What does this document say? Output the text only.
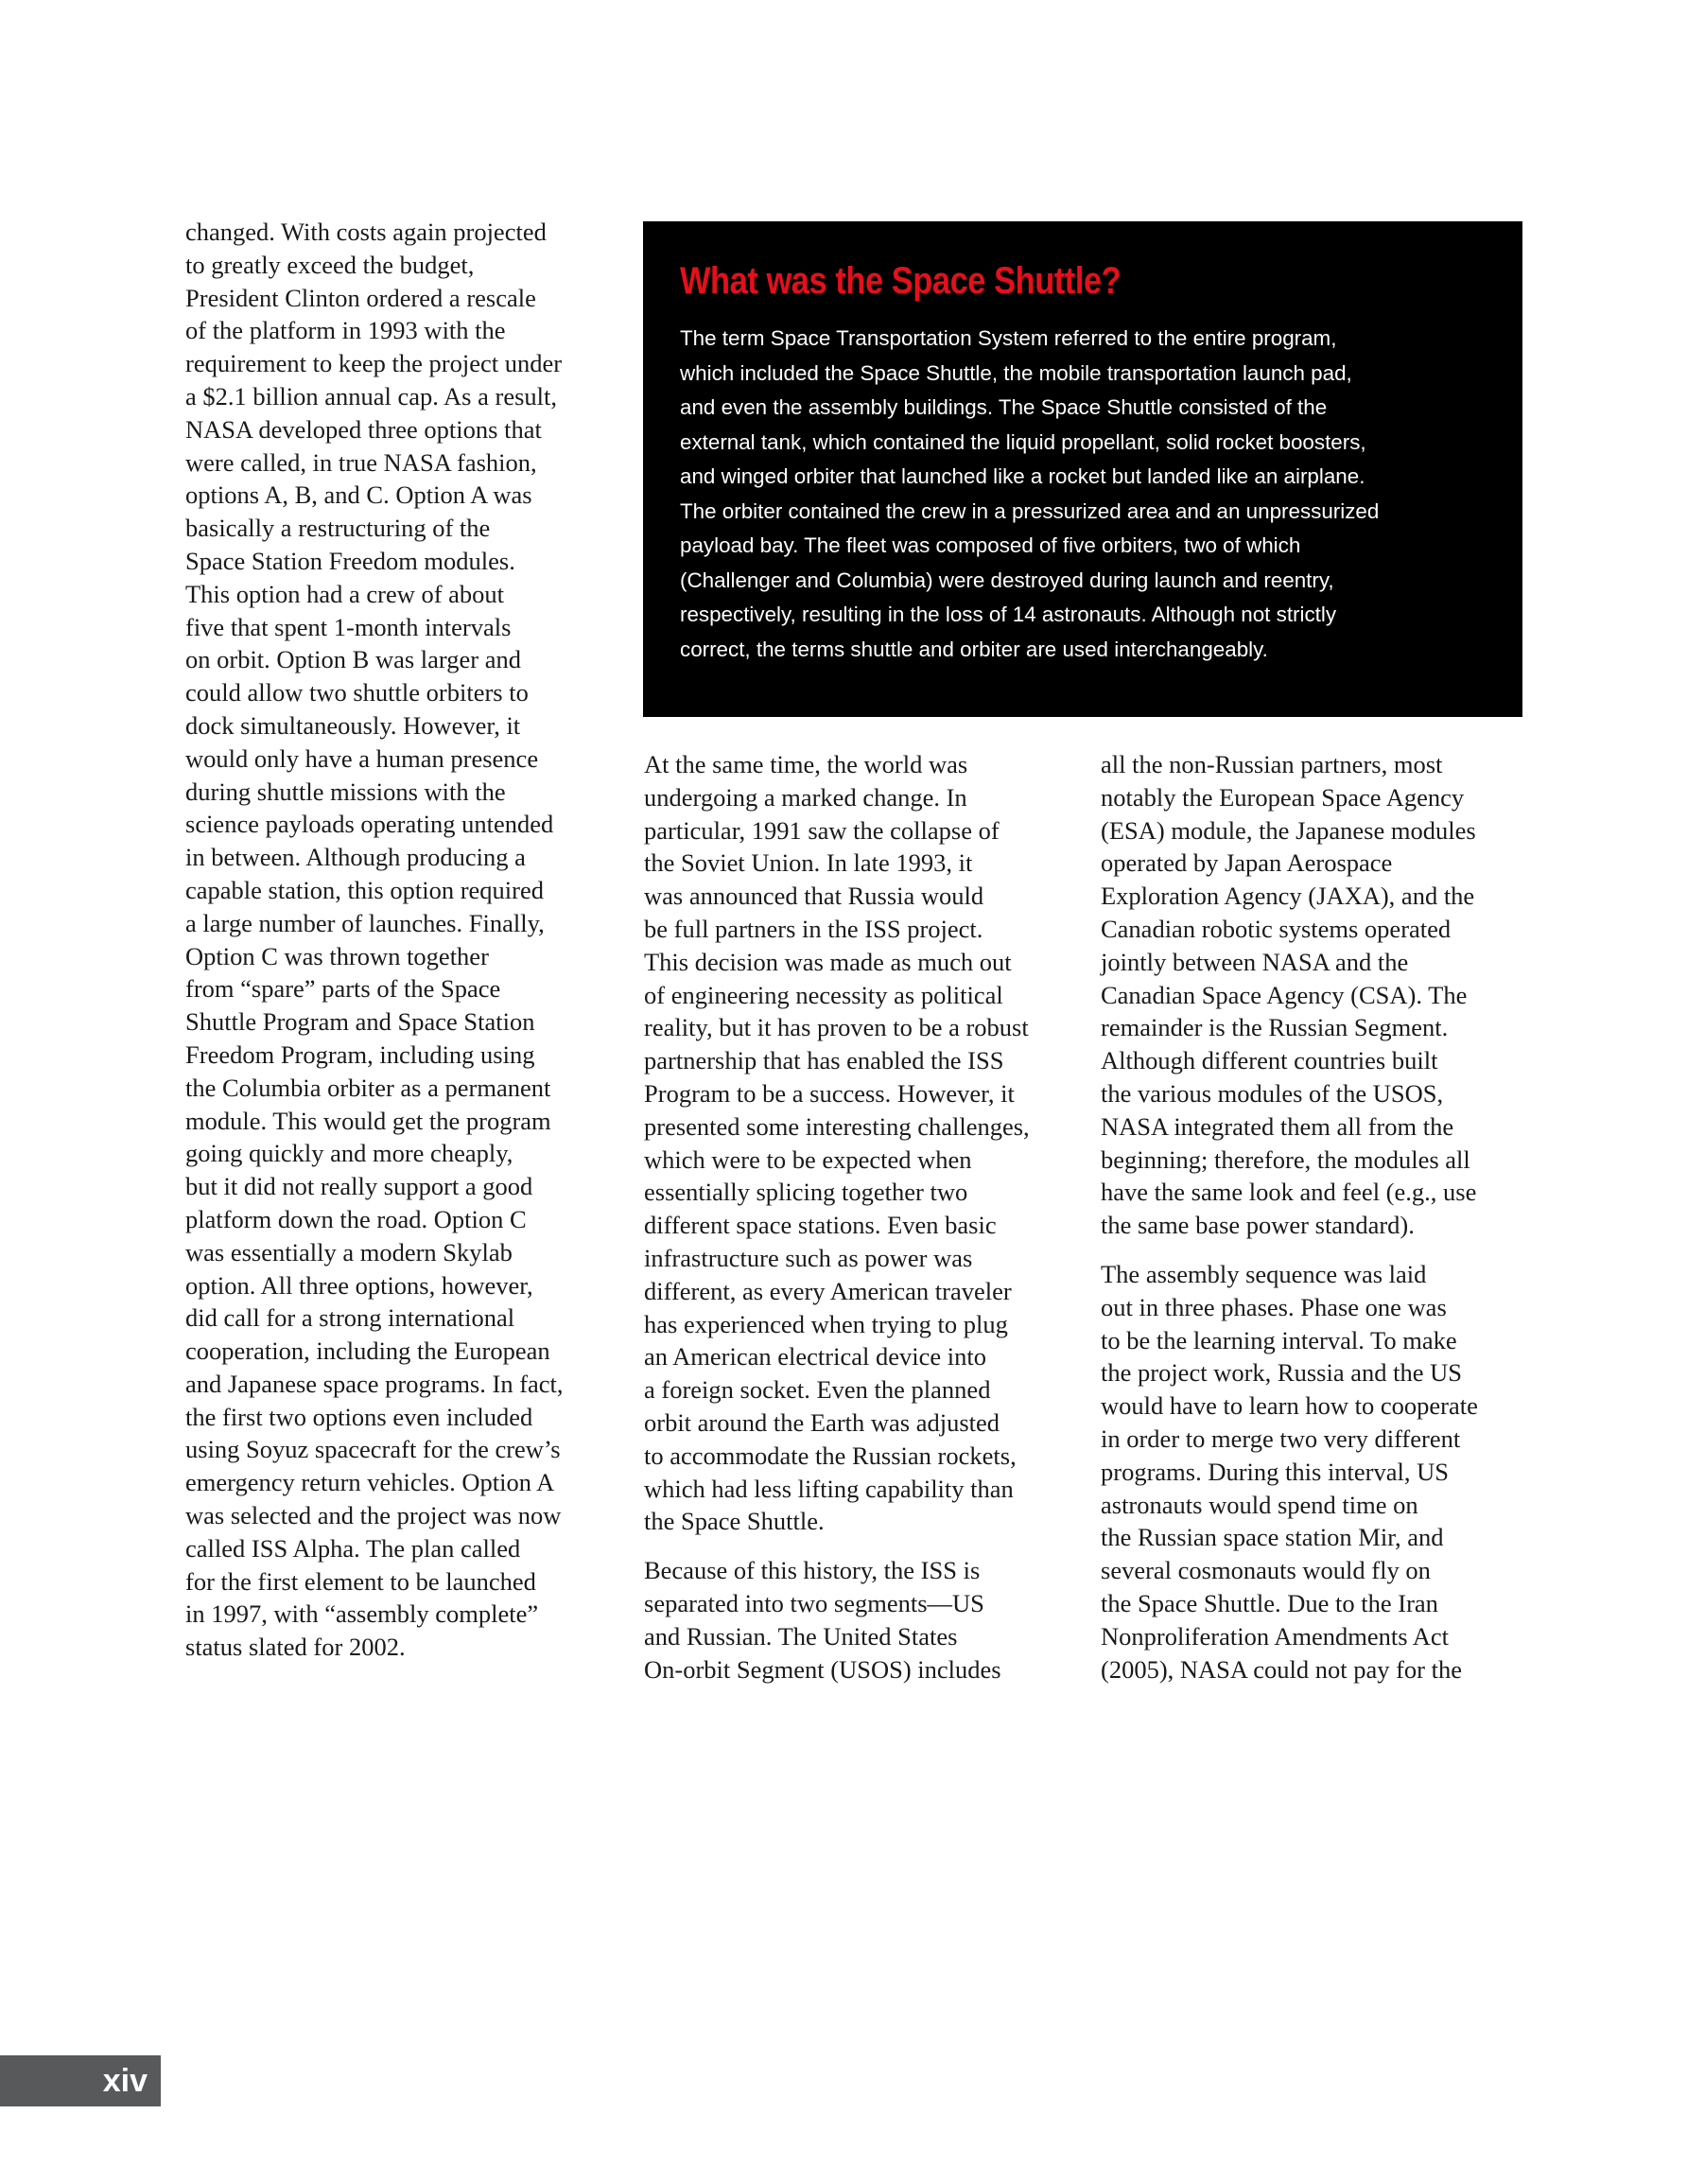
changed. With costs again projected
to greatly exceed the budget,
President Clinton ordered a rescale
of the platform in 1993 with the
requirement to keep the project under
a $2.1 billion annual cap. As a result,
NASA developed three options that
were called, in true NASA fashion,
options A, B, and C. Option A was
basically a restructuring of the
Space Station Freedom modules.
This option had a crew of about
five that spent 1-month intervals
on orbit. Option B was larger and
could allow two shuttle orbiters to
dock simultaneously. However, it
would only have a human presence
during shuttle missions with the
science payloads operating untended
in between. Although producing a
capable station, this option required
a large number of launches. Finally,
Option C was thrown together
from “spare” parts of the Space
Shuttle Program and Space Station
Freedom Program, including using
the Columbia orbiter as a permanent
module. This would get the program
going quickly and more cheaply,
but it did not really support a good
platform down the road. Option C
was essentially a modern Skylab
option. All three options, however,
did call for a strong international
cooperation, including the European
and Japanese space programs. In fact,
the first two options even included
using Soyuz spacecraft for the crew’s
emergency return vehicles. Option A
was selected and the project was now
called ISS Alpha. The plan called
for the first element to be launched
in 1997, with “assembly complete”
status slated for 2002.
What was the Space Shuttle?
The term Space Transportation System referred to the entire program,
which included the Space Shuttle, the mobile transportation launch pad,
and even the assembly buildings. The Space Shuttle consisted of the
external tank, which contained the liquid propellant, solid rocket boosters,
and winged orbiter that launched like a rocket but landed like an airplane.
The orbiter contained the crew in a pressurized area and an unpressurized
payload bay. The fleet was composed of five orbiters, two of which
(Challenger and Columbia) were destroyed during launch and reentry,
respectively, resulting in the loss of 14 astronauts. Although not strictly
correct, the terms shuttle and orbiter are used interchangeably.
At the same time, the world was
undergoing a marked change. In
particular, 1991 saw the collapse of
the Soviet Union. In late 1993, it
was announced that Russia would
be full partners in the ISS project.
This decision was made as much out
of engineering necessity as political
reality, but it has proven to be a robust
partnership that has enabled the ISS
Program to be a success. However, it
presented some interesting challenges,
which were to be expected when
essentially splicing together two
different space stations. Even basic
infrastructure such as power was
different, as every American traveler
has experienced when trying to plug
an American electrical device into
a foreign socket. Even the planned
orbit around the Earth was adjusted
to accommodate the Russian rockets,
which had less lifting capability than
the Space Shuttle.
Because of this history, the ISS is
separated into two segments—US
and Russian. The United States
On-orbit Segment (USOS) includes
all the non-Russian partners, most
notably the European Space Agency
(ESA) module, the Japanese modules
operated by Japan Aerospace
Exploration Agency (JAXA), and the
Canadian robotic systems operated
jointly between NASA and the
Canadian Space Agency (CSA). The
remainder is the Russian Segment.
Although different countries built
the various modules of the USOS,
NASA integrated them all from the
beginning; therefore, the modules all
have the same look and feel (e.g., use
the same base power standard).
The assembly sequence was laid
out in three phases. Phase one was
to be the learning interval. To make
the project work, Russia and the US
would have to learn how to cooperate
in order to merge two very different
programs. During this interval, US
astronauts would spend time on
the Russian space station Mir, and
several cosmonauts would fly on
the Space Shuttle. Due to the Iran
Nonproliferation Amendments Act
(2005), NASA could not pay for the
xiv
